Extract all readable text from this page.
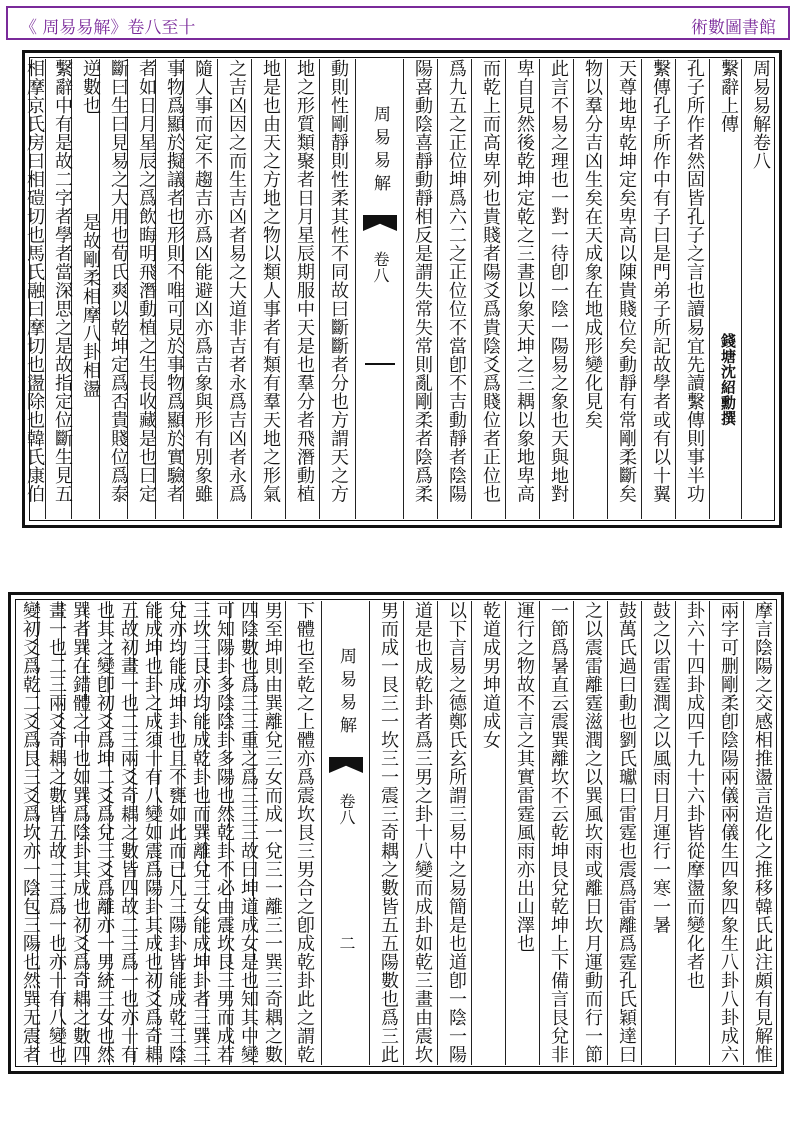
《 周易易解》卷八至十	術數圖書館
周易易解卷八
繫辭上傳
錢塘沈紹勳撰
孔子所作者然固皆孔子之言也讀易宜先讀繫傳則事半功
繫傳孔子所作中有子曰是門弟子所記故學者或有以十翼
天尊地卑乾坤定矣卑高以陳貴賤位矣動靜有常剛柔斷矣
物以羣分吉凶生矣在天成象在地成形變化見矣
此言不易之理也一對一待卽一陰一陽易之象也天與地對
卑自見然後乾坤定乾之三晝以象天坤之三耦以象地卑高
而乾上而高卑列也貴賤者陽爻爲貴陰爻爲賤位者正位也
爲九五之正位坤爲六二之正位位不當卽不吉動靜者陰陽
陽喜動陰喜靜動靜相反是謂失常失常則亂剛柔者陰爲柔
周易易解
卷八
動則性剛靜則性柔其性不同故曰斷斷者分也方謂天之方
地之形質類聚者日月星辰期服中天是也羣分者飛潛動植
地是也由天之方地之物以類人事者有類有羣天地之形氣
之吉凶因之而生吉凶者易之大道非吉者永爲吉凶者永爲
隨人事而定不趨吉亦爲凶能避凶亦爲吉象與形有別象雖
事物爲顯於擬議者也形則不唯可見於事物爲顯於實驗者
者如日月星辰之爲飲晦明飛潛動植之生長收藏是也曰定
斷曰生曰見易之大用也荀氏爽以乾坤定爲否貴賤位爲泰
逆數也
是故剛柔相摩八卦相盪
繫辭中有是故二字者學者當深思之是故指定位斷生見五
相摩京氏房曰相磑切也馬氏融曰摩切也盪除也韓氏康伯
摩言陰陽之交感相推盪言造化之推移韓氏此注頗有見解惟
兩字可删剛柔卽陰陽兩儀兩儀生四象四象生八卦八卦成六
卦六十四卦成四千九十六卦皆從摩盪而變化者也
鼓之以雷霆潤之以風雨日月運行一寒一暑
鼓萬氏過曰動也劉氏瓛曰雷霆也震爲雷離爲霆孔氏穎達曰
之以震雷離霆滋潤之以巽風坎雨或離日坎月運動而行一節
一節爲暑直云震巽離坎不云乾坤艮兌乾坤上下備言艮兌非
運行之物故不言之其實雷霆風雨亦出山澤也
乾道成男坤道成女
以下言易之德鄭氏玄所謂三易中之易簡是也道卽一陰一陽
道是也成乾卦者爲三男之卦十八變而成卦如乾三畫由震坎
男而成一艮三一坎三一震三奇耦之數皆五五陽數也爲三此
周易易解
卷八
二
下體也至乾之上體亦爲震坎艮三男合之卽成乾卦此之謂乾
男至坤則由巽離兌三女而成一兌三一離三一巽三奇耦之數
四陰數也爲三三重之爲三三三故曰坤道成女是也知其中變
可知陽卦多陰陰卦多陽也然乾卦不必由震坎艮三男而成若
三坎三艮亦均能成乾卦也而巽離兌三女能成坤卦者三巽三
兌亦均能成坤卦也且不甕如此而已凡三陽卦皆能成乾三陰
能成坤也卦之成須十有八變如震爲陽卦其成也初爻爲奇耦
五故初畫一也二三兩爻奇耦之數皆四故二三爲一也亦十有
也其之變卽初爻爲坤二爻爲兌三爻爲離亦一男統三女也然
巽者巽在錯體之中也如巽爲陰卦其成也初爻爲奇耦之數四
畫一也二三兩爻奇耦之數皆五故二三爲一也亦十有八變也
變初爻爲乾二爻爲艮三爻爲坎亦一陰包三陽也然巽无震者
